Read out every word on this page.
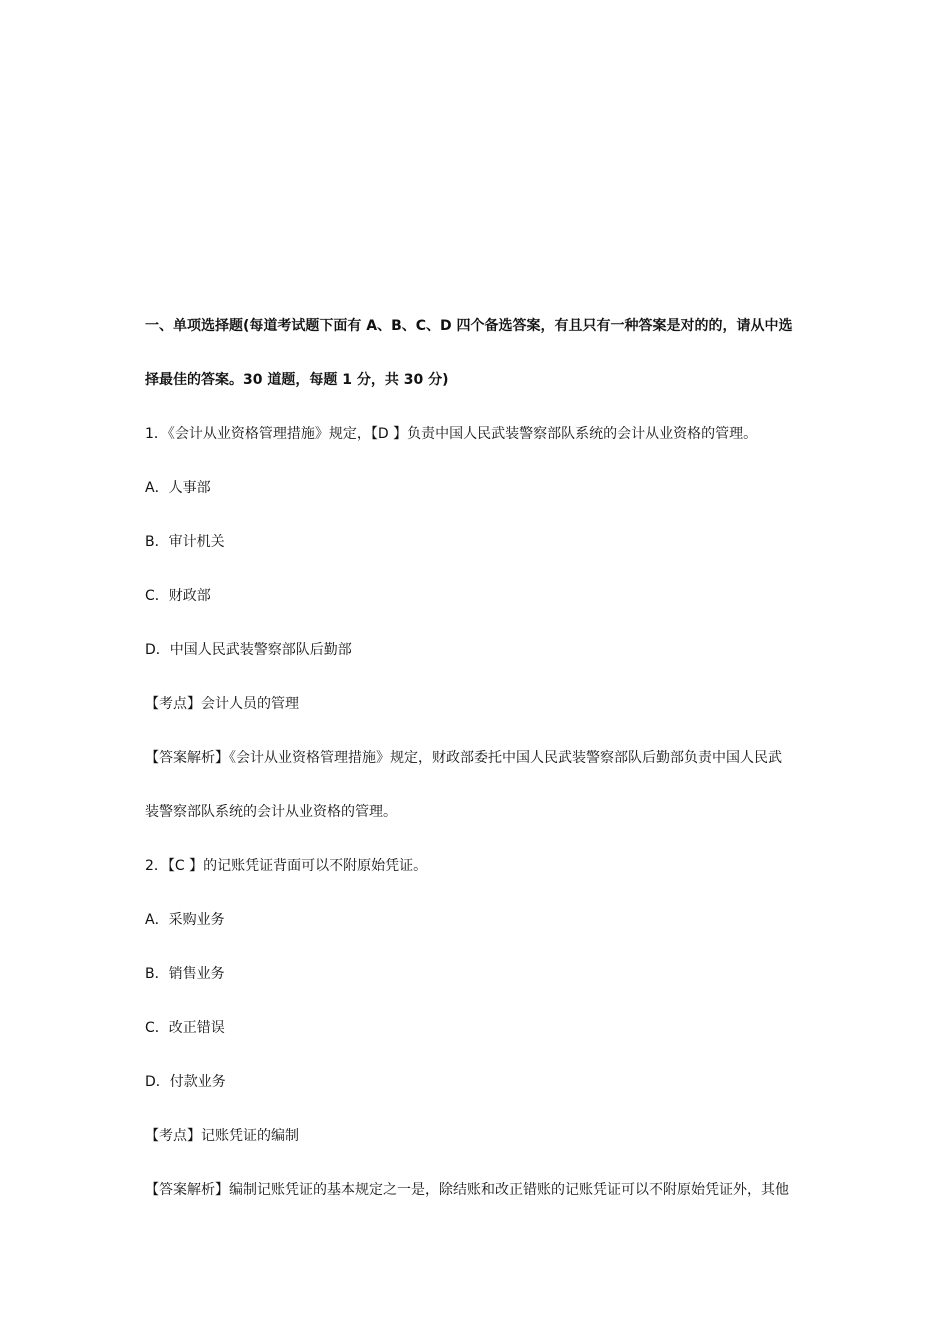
一、单项选择题(每道考试题下面有 A、B、C、D 四个备选答案，有且只有一种答案是对的的，请从中选
择最佳的答案。30 道题，每题 1 分，共 30 分)
1．《会计从业资格管理措施》规定，【D 】负责中国人民武装警察部队系统的会计从业资格的管理。
A．人事部
B．审计机关
C．财政部
D．中国人民武装警察部队后勤部
【考点】会计人员的管理
【答案解析】《会计从业资格管理措施》规定，财政部委托中国人民武装警察部队后勤部负责中国人民武
装警察部队系统的会计从业资格的管理。
2．【C 】的记账凭证背面可以不附原始凭证。
A．采购业务
B．销售业务
C．改正错误
D．付款业务
【考点】记账凭证的编制
【答案解析】编制记账凭证的基本规定之一是，除结账和改正错账的记账凭证可以不附原始凭证外，其他
